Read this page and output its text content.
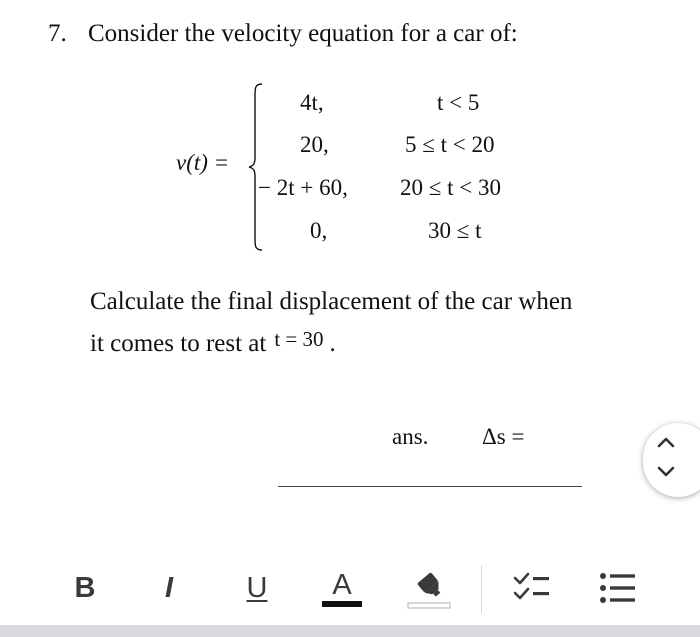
7. Consider the velocity equation for a car of:
v(t) =
4t,	t < 5
20,	5 ≤ t < 20
− 2t + 60, 20 ≤ t < 30
0,	30 ≤ t
Calculate the final displacement of the car when
it comes to rest at $^{t = 30}$ .
ans. Δs =
B I	U A
